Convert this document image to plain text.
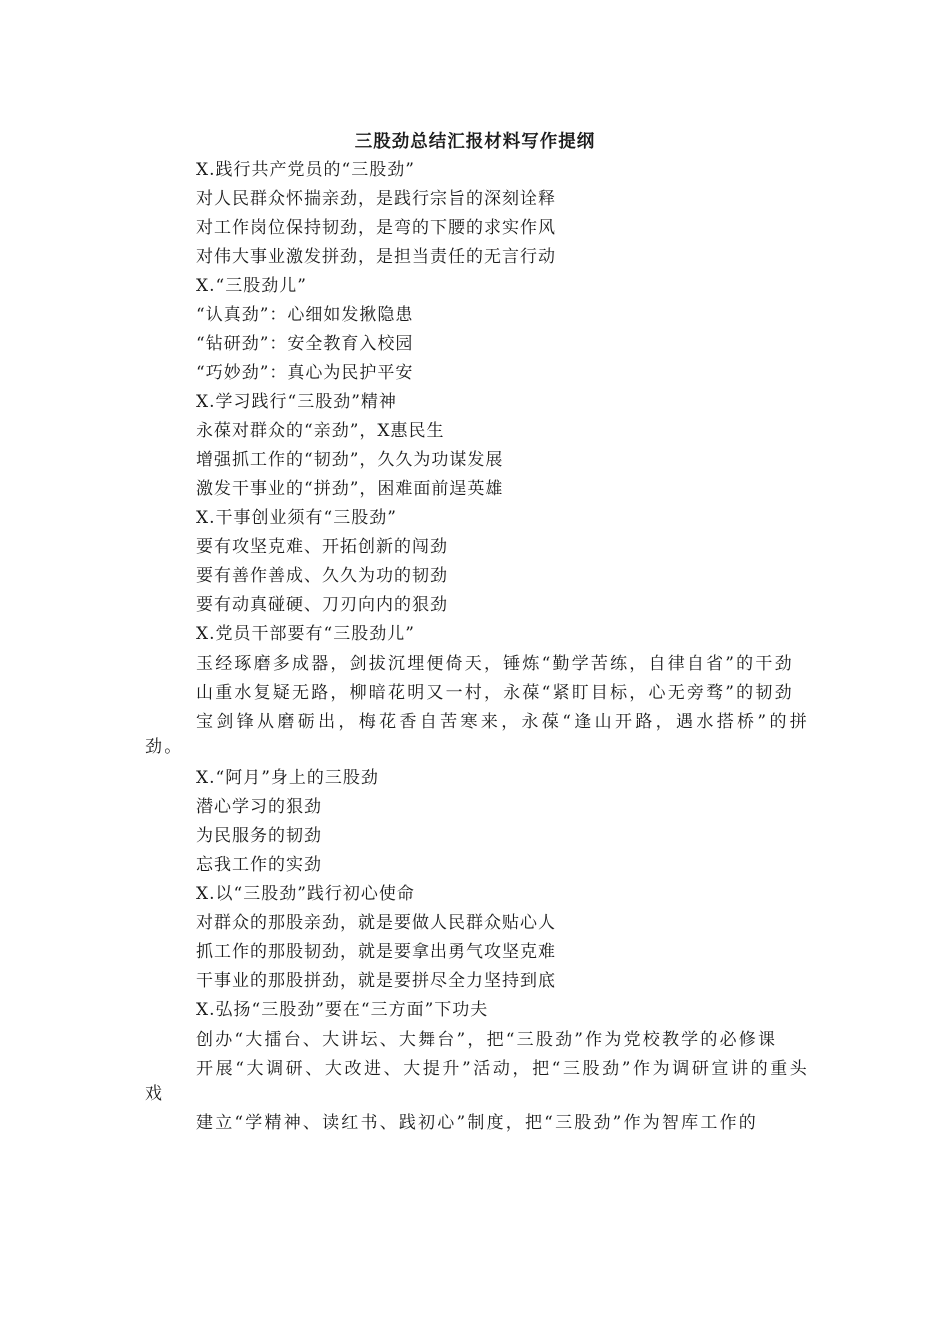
三股劲总结汇报材料写作提纲
X.践行共产党员的“三股劲”
对人民群众怀揣亲劲，是践行宗旨的深刻诠释
对工作岗位保持韧劲，是弯的下腰的求实作风
对伟大事业激发拼劲，是担当责任的无言行动
X.“三股劲儿”
“认真劲”：心细如发揪隐患
“钻研劲”：安全教育入校园
“巧妙劲”：真心为民护平安
X.学习践行“三股劲”精神
永葆对群众的“亲劲”，X惠民生
增强抓工作的“韧劲”，久久为功谋发展
激发干事业的“拼劲”，困难面前逞英雄
X.干事创业须有“三股劲”
要有攻坚克难、开拓创新的闯劲
要有善作善成、久久为功的韧劲
要有动真碰硬、刀刃向内的狠劲
X.党员干部要有“三股劲儿”
玉经琢磨多成器，剑拔沉埋便倚天，锤炼“勤学苦练，自律自省”的干劲
山重水复疑无路，柳暗花明又一村，永葆“紧盯目标，心无旁骛”的韧劲
宝剑锋从磨砺出，梅花香自苦寒来，永葆“逢山开路，遇水搭桥”的拼劲。
X.“阿月”身上的三股劲
潜心学习的狠劲
为民服务的韧劲
忘我工作的实劲
X.以“三股劲”践行初心使命
对群众的那股亲劲，就是要做人民群众贴心人
抓工作的那股韧劲，就是要拿出勇气攻坚克难
干事业的那股拼劲，就是要拼尽全力坚持到底
X.弘扬“三股劲”要在“三方面”下功夫
创办“大擂台、大讲坛、大舞台”，把“三股劲”作为党校教学的必修课
开展“大调研、大改进、大提升”活动，把“三股劲”作为调研宣讲的重头戏
建立“学精神、读红书、践初心”制度，把“三股劲”作为智库工作的
